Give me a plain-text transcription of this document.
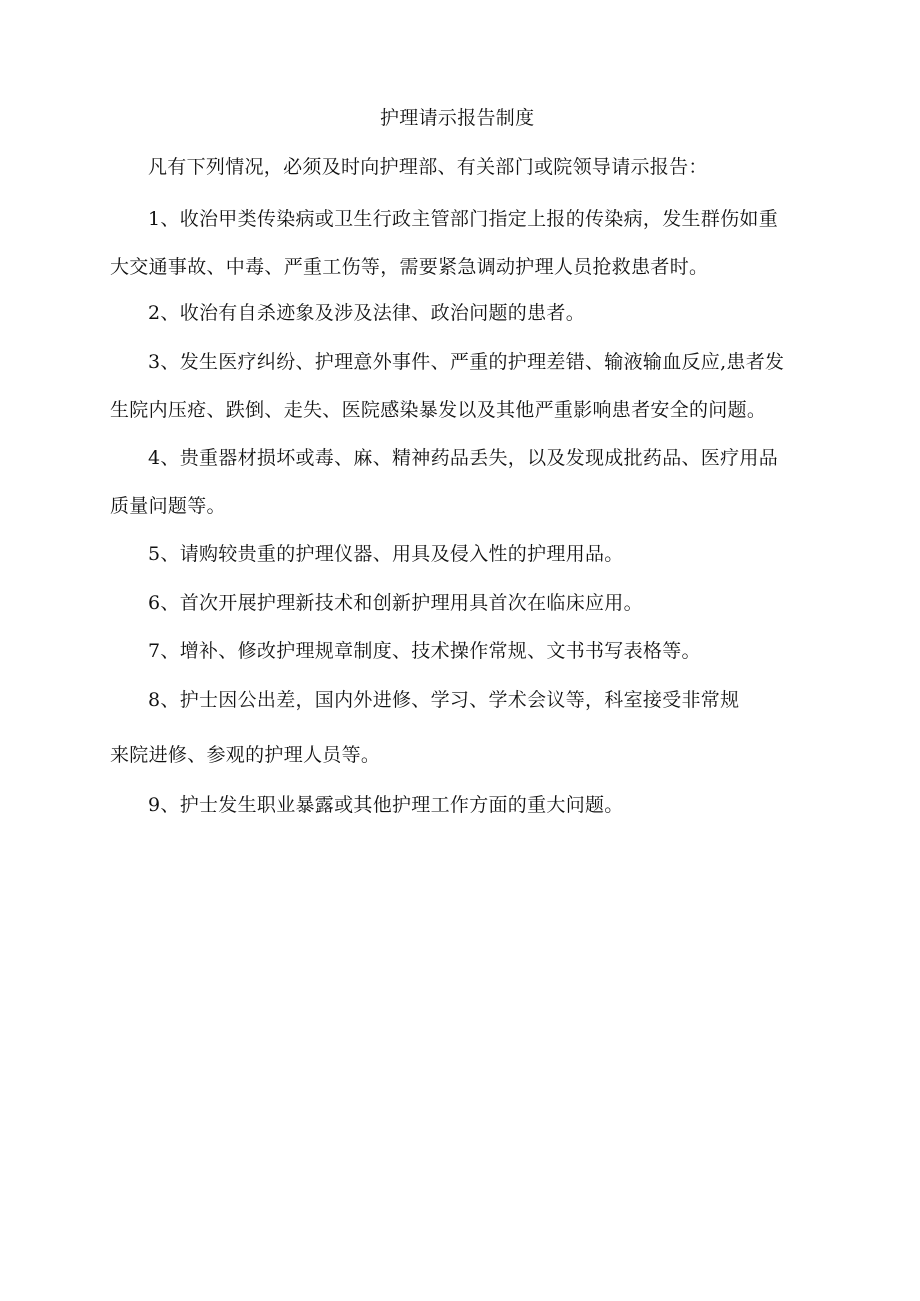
护理请示报告制度

凡有下列情况，必须及时向护理部、有关部门或院领导请示报告：

1、收治甲类传染病或卫生行政主管部门指定上报的传染病，发生群伤如重

大交通事故、中毒、严重工伤等，需要紧急调动护理人员抢救患者时。

2、收治有自杀迹象及涉及法律、政治问题的患者。

3、发生医疗纠纷、护理意外事件、严重的护理差错、输液输血反应,患者发

生院内压疮、跌倒、走失、医院感染暴发以及其他严重影响患者安全的问题。

4、贵重器材损坏或毒、麻、精神药品丢失，以及发现成批药品、医疗用品

质量问题等。

5、请购较贵重的护理仪器、用具及侵入性的护理用品。

6、首次开展护理新技术和创新护理用具首次在临床应用。

7、增补、修改护理规章制度、技术操作常规、文书书写表格等。

8、护士因公出差，国内外进修、学习、学术会议等，科室接受非常规

来院进修、参观的护理人员等。

9、护士发生职业暴露或其他护理工作方面的重大问题。
